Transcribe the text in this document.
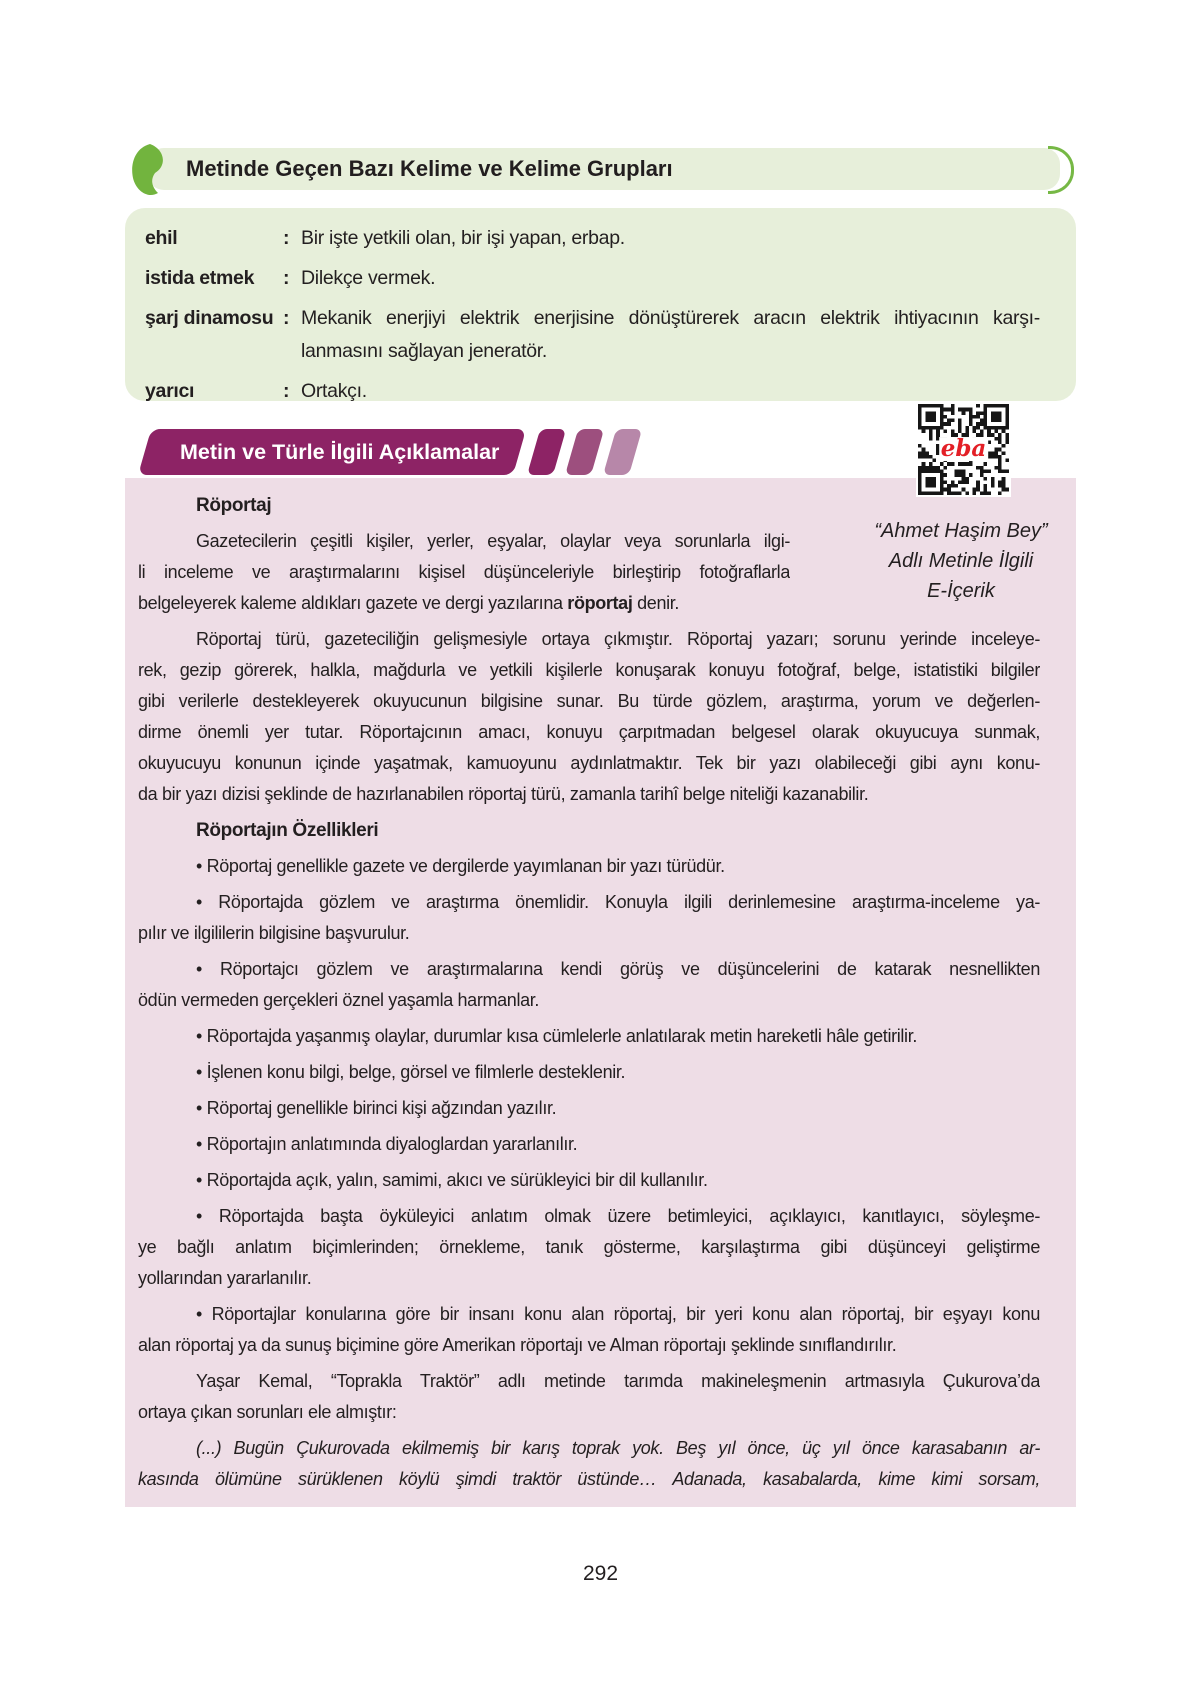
Metinde Geçen Bazı Kelime ve Kelime Grupları
ehil	: Bir işte yetkili olan, bir işi yapan, erbap.
istida etmek	: Dilekçe vermek.
şarj dinamosu : Mekanik enerjiyi elektrik enerjisine dönüştürerek aracın elektrik ihtiyacının karşı-
lanmasını sağlayan jeneratör.
yarıcı	: Ortakçı.
Metin ve Türle İlgili Açıklamalar	eba
“Ahmet Haşim Bey”
Adlı Metinle İlgili
E-İçerik
Röportaj
Gazetecilerin çeşitli kişiler, yerler, eşyalar, olaylar veya sorunlarla ilgi-
li inceleme ve araştırmalarını kişisel düşünceleriyle birleştirip fotoğraflarla
belgeleyerek kaleme aldıkları gazete ve dergi yazılarına röportaj denir.
Röportaj türü, gazeteciliğin gelişmesiyle ortaya çıkmıştır. Röportaj yazarı; sorunu yerinde inceleye-
rek, gezip görerek, halkla, mağdurla ve yetkili kişilerle konuşarak konuyu fotoğraf, belge, istatistiki bilgiler
gibi verilerle destekleyerek okuyucunun bilgisine sunar. Bu türde gözlem, araştırma, yorum ve değerlen-
dirme önemli yer tutar. Röportajcının amacı, konuyu çarpıtmadan belgesel olarak okuyucuya sunmak,
okuyucuyu konunun içinde yaşatmak, kamuoyunu aydınlatmaktır. Tek bir yazı olabileceği gibi aynı konu-
da bir yazı dizisi şeklinde de hazırlanabilen röportaj türü, zamanla tarihî belge niteliği kazanabilir.
Röportajın Özellikleri
• Röportaj genellikle gazete ve dergilerde yayımlanan bir yazı türüdür.
• Röportajda gözlem ve araştırma önemlidir. Konuyla ilgili derinlemesine araştırma-inceleme ya-
pılır ve ilgililerin bilgisine başvurulur.
• Röportajcı gözlem ve araştırmalarına kendi görüş ve düşüncelerini de katarak nesnellikten
ödün vermeden gerçekleri öznel yaşamla harmanlar.
• Röportajda yaşanmış olaylar, durumlar kısa cümlelerle anlatılarak metin hareketli hâle getirilir.
• İşlenen konu bilgi, belge, görsel ve filmlerle desteklenir.
• Röportaj genellikle birinci kişi ağzından yazılır.
• Röportajın anlatımında diyaloglardan yararlanılır.
• Röportajda açık, yalın, samimi, akıcı ve sürükleyici bir dil kullanılır.
• Röportajda başta öyküleyici anlatım olmak üzere betimleyici, açıklayıcı, kanıtlayıcı, söyleşme-
ye bağlı anlatım biçimlerinden; örnekleme, tanık gösterme, karşılaştırma gibi düşünceyi geliştirme
yollarından yararlanılır.
• Röportajlar konularına göre bir insanı konu alan röportaj, bir yeri konu alan röportaj, bir eşyayı konu
alan röportaj ya da sunuş biçimine göre Amerikan röportajı ve Alman röportajı şeklinde sınıflandırılır.
Yaşar Kemal, “Toprakla Traktör” adlı metinde tarımda makineleşmenin artmasıyla Çukurova’da
ortaya çıkan sorunları ele almıştır:
(...) Bugün Çukurovada ekilmemiş bir karış toprak yok. Beş yıl önce, üç yıl önce karasabanın ar-
kasında ölümüne sürüklenen köylü şimdi traktör üstünde… Adanada, kasabalarda, kime kimi sorsam,
292
